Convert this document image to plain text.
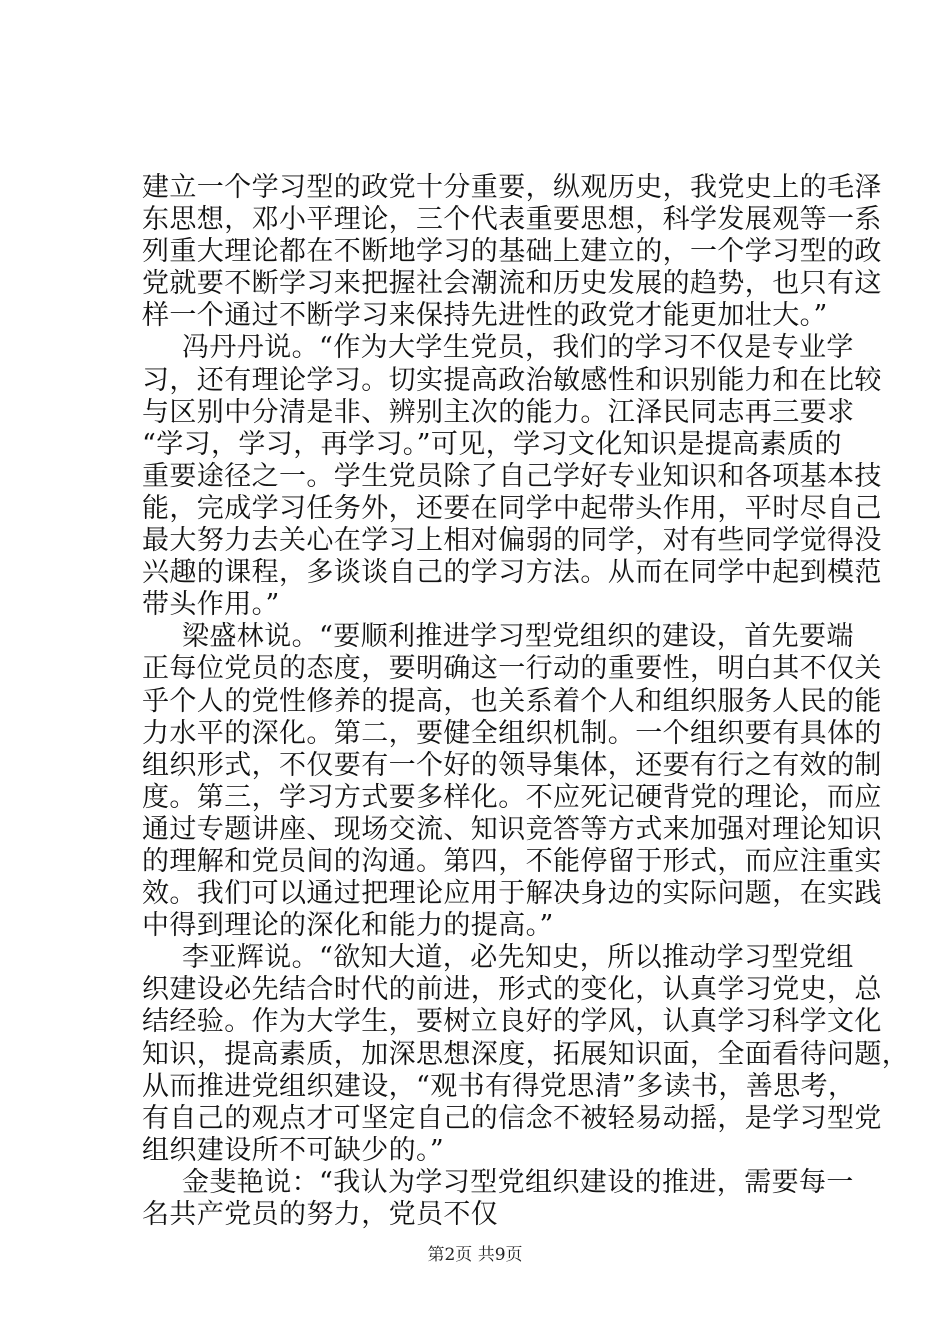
建立一个学习型的政党十分重要，纵观历史，我党史上的毛泽
东思想，邓小平理论，三个代表重要思想，科学发展观等一系
列重大理论都在不断地学习的基础上建立的，一个学习型的政
党就要不断学习来把握社会潮流和历史发展的趋势，也只有这
样一个通过不断学习来保持先进性的政党才能更加壮大。”
冯丹丹说。“作为大学生党员，我们的学习不仅是专业学
习，还有理论学习。切实提高政治敏感性和识别能力和在比较
与区别中分清是非、辨别主次的能力。江泽民同志再三要求
“学习，学习，再学习。”可见，学习文化知识是提高素质的
重要途径之一。学生党员除了自己学好专业知识和各项基本技
能，完成学习任务外，还要在同学中起带头作用，平时尽自己
最大努力去关心在学习上相对偏弱的同学，对有些同学觉得没
兴趣的课程，多谈谈自己的学习方法。从而在同学中起到模范
带头作用。”
梁盛林说。“要顺利推进学习型党组织的建设，首先要端
正每位党员的态度，要明确这一行动的重要性，明白其不仅关
乎个人的党性修养的提高，也关系着个人和组织服务人民的能
力水平的深化。第二，要健全组织机制。一个组织要有具体的
组织形式，不仅要有一个好的领导集体，还要有行之有效的制
度。第三，学习方式要多样化。不应死记硬背党的理论，而应
通过专题讲座、现场交流、知识竞答等方式来加强对理论知识
的理解和党员间的沟通。第四，不能停留于形式，而应注重实
效。我们可以通过把理论应用于解决身边的实际问题，在实践
中得到理论的深化和能力的提高。”
李亚辉说。“欲知大道，必先知史，所以推动学习型党组
织建设必先结合时代的前进，形式的变化，认真学习党史，总
结经验。作为大学生，要树立良好的学风，认真学习科学文化
知识，提高素质，加深思想深度，拓展知识面，全面看待问题，
从而推进党组织建设，“观书有得党思清”多读书，善思考，
有自己的观点才可坚定自己的信念不被轻易动摇，是学习型党
组织建设所不可缺少的。”
金斐艳说：“我认为学习型党组织建设的推进，需要每一
名共产党员的努力，党员不仅
第2页 共9页
